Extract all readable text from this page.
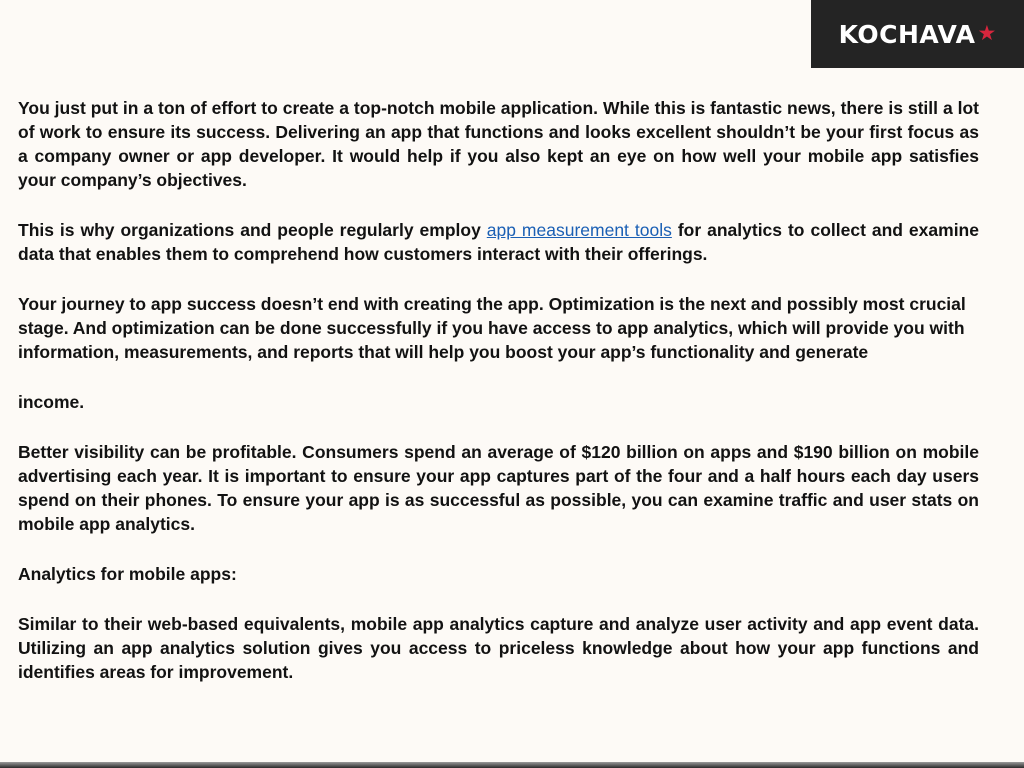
KOCHAVA ★

You just put in a ton of effort to create a top-notch mobile application. While this is fantastic news, there is still a lot of work to ensure its success. Delivering an app that functions and looks excellent shouldn’t be your first focus as a company owner or app developer. It would help if you also kept an eye on how well your mobile app satisfies your company’s objectives.

This is why organizations and people regularly employ app measurement tools for analytics to collect and examine data that enables them to comprehend how customers interact with their offerings.

Your journey to app success doesn’t end with creating the app. Optimization is the next and possibly most crucial stage. And optimization can be done successfully if you have access to app analytics, which will provide you with information, measurements, and reports that will help you boost your app’s functionality and generate

income.

Better visibility can be profitable. Consumers spend an average of $120 billion on apps and $190 billion on mobile advertising each year. It is important to ensure your app captures part of the four and a half hours each day users spend on their phones. To ensure your app is as successful as possible, you can examine traffic and user stats on mobile app analytics.

Analytics for mobile apps:

Similar to their web-based equivalents, mobile app analytics capture and analyze user activity and app event data. Utilizing an app analytics solution gives you access to priceless knowledge about how your app functions and identifies areas for improvement.
